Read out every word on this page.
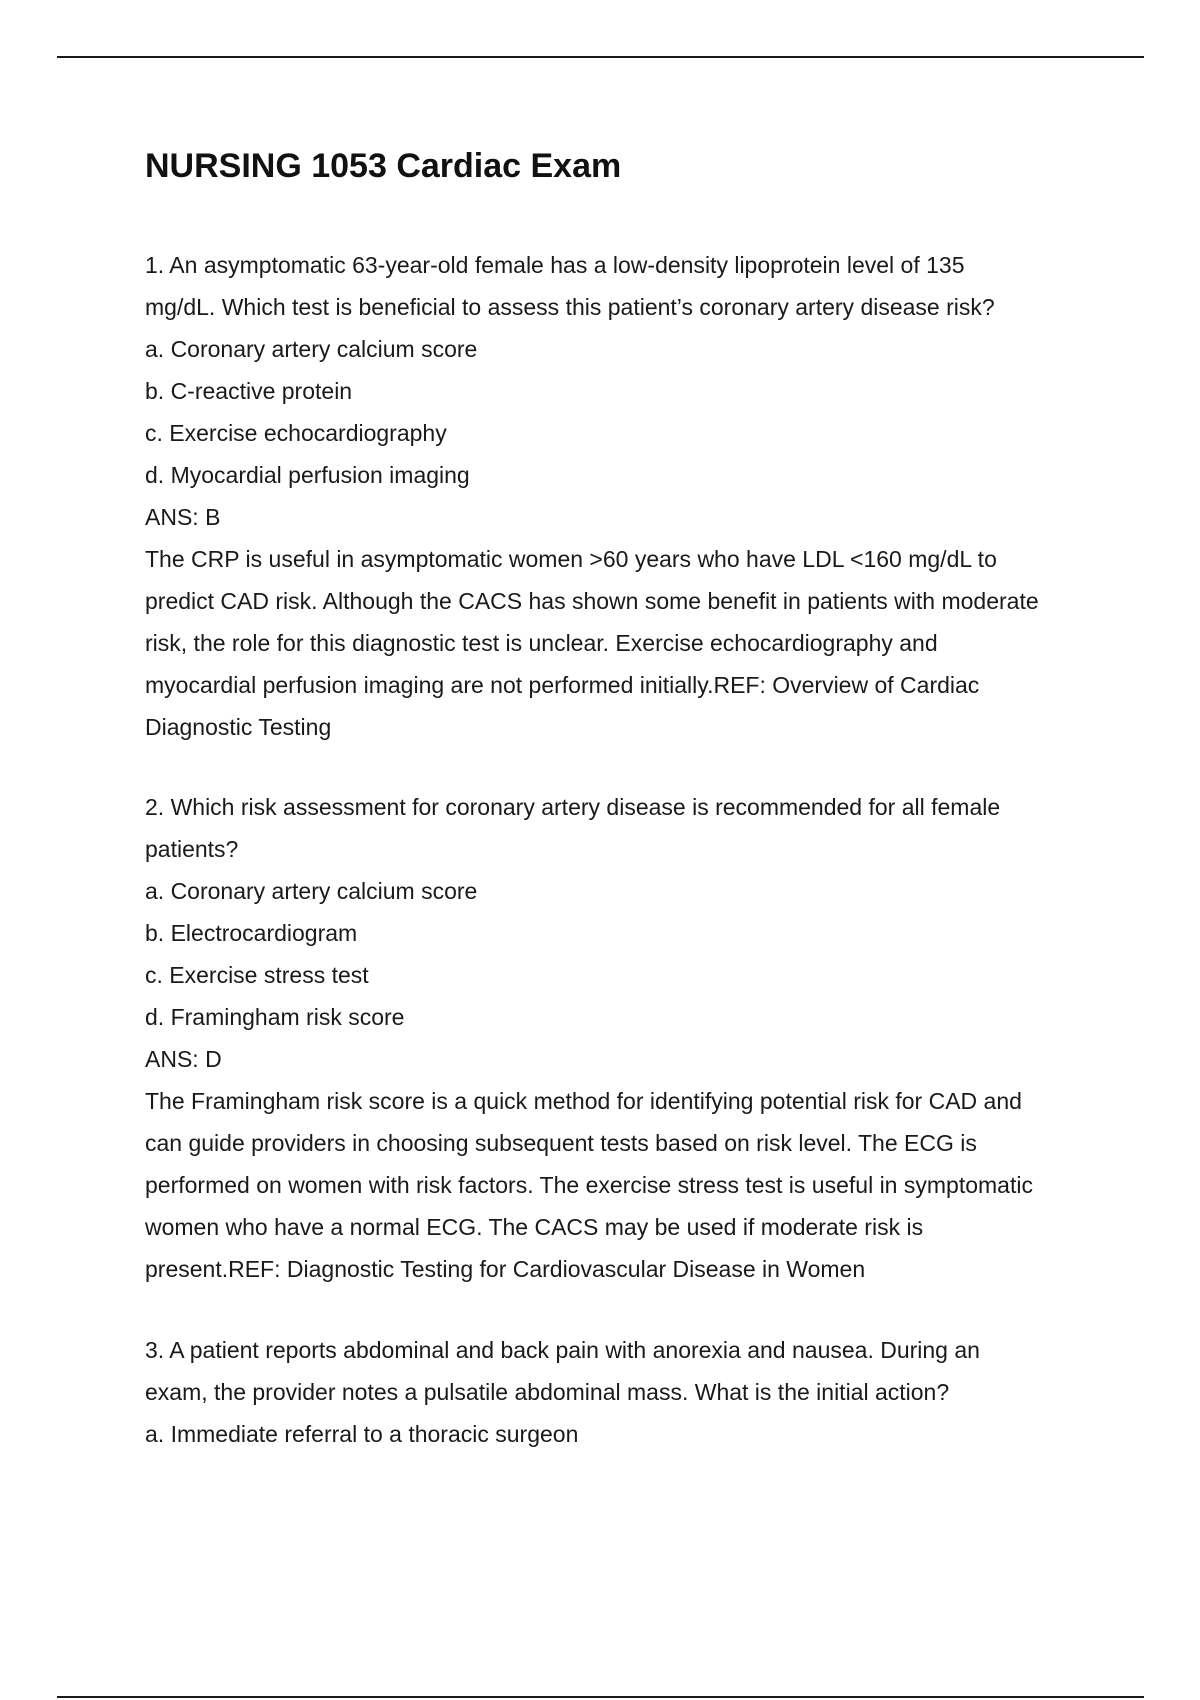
NURSING 1053 Cardiac Exam

1. An asymptomatic 63-year-old female has a low-density lipoprotein level of 135

mg/dL. Which test is beneficial to assess this patient’s coronary artery disease risk?

a. Coronary artery calcium score

b. C-reactive protein

c. Exercise echocardiography

d. Myocardial perfusion imaging

ANS: B

The CRP is useful in asymptomatic women >60 years who have LDL <160 mg/dL to

predict CAD risk. Although the CACS has shown some benefit in patients with moderate

risk, the role for this diagnostic test is unclear. Exercise echocardiography and

myocardial perfusion imaging are not performed initially.REF: Overview of Cardiac

Diagnostic Testing

2. Which risk assessment for coronary artery disease is recommended for all female

patients?

a. Coronary artery calcium score

b. Electrocardiogram

c. Exercise stress test

d. Framingham risk score

ANS: D

The Framingham risk score is a quick method for identifying potential risk for CAD and

can guide providers in choosing subsequent tests based on risk level. The ECG is

performed on women with risk factors. The exercise stress test is useful in symptomatic

women who have a normal ECG. The CACS may be used if moderate risk is

present.REF: Diagnostic Testing for Cardiovascular Disease in Women

3. A patient reports abdominal and back pain with anorexia and nausea. During an

exam, the provider notes a pulsatile abdominal mass. What is the initial action?

a. Immediate referral to a thoracic surgeon
